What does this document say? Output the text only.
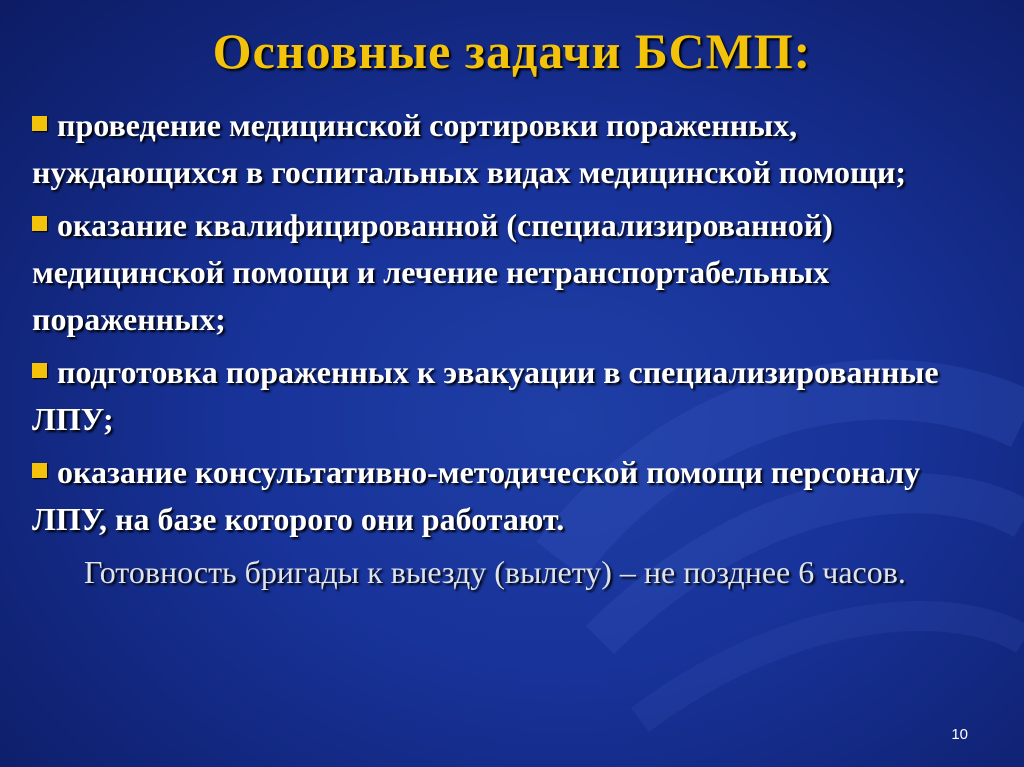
Основные задачи БСМП:
проведение медицинской сортировки пораженных, нуждающихся в госпитальных видах медицинской помощи;
оказание квалифицированной (специализированной) медицинской помощи и лечение нетранспортабельных пораженных;
подготовка пораженных к эвакуации в специализированные ЛПУ;
оказание консультативно-методической помощи персоналу ЛПУ, на базе которого они работают.
Готовность бригады к выезду (вылету) – не позднее 6 часов.
10
